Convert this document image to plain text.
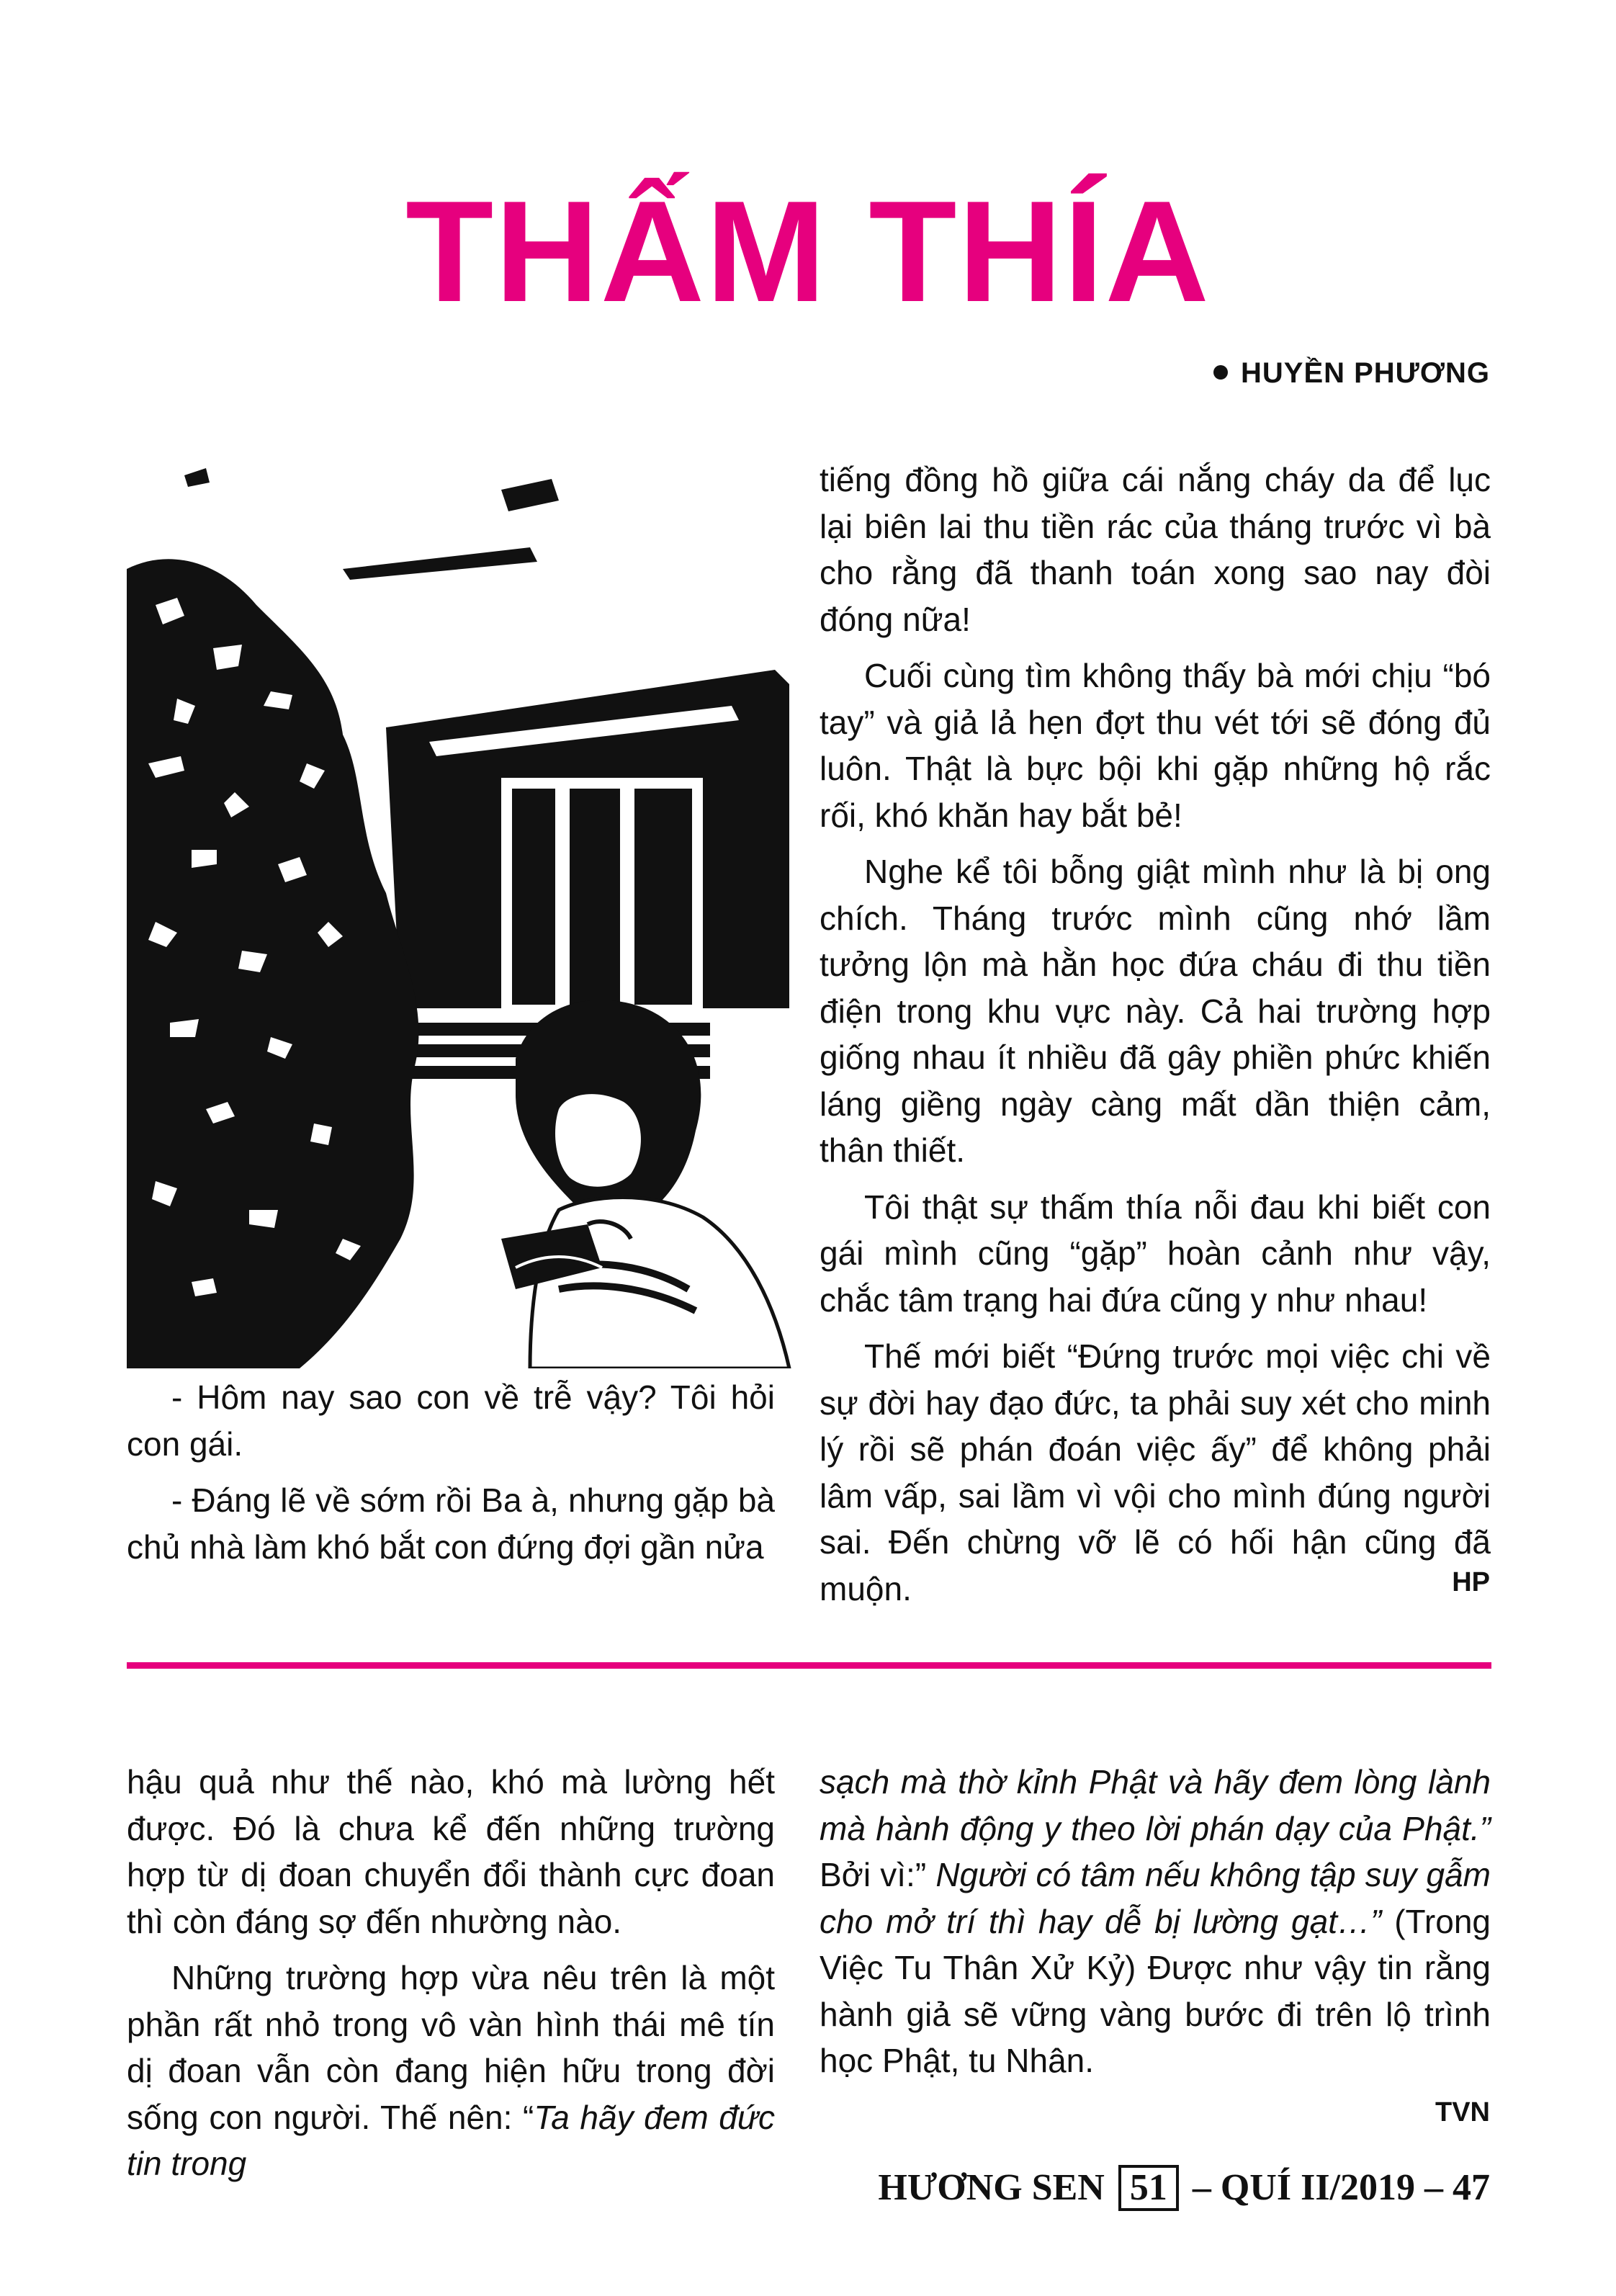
THẤM THÍA
HUYỀN PHƯƠNG

- Hôm nay sao con về trễ vậy? Tôi hỏi con gái.

- Đáng lẽ về sớm rồi Ba à, nhưng gặp bà chủ nhà làm khó bắt con đứng đợi gần nửa

tiếng đồng hồ giữa cái nắng cháy da để lục lại biên lai thu tiền rác của tháng trước vì bà cho rằng đã thanh toán xong sao nay đòi đóng nữa!

Cuối cùng tìm không thấy bà mới chịu “bó tay” và giả lả hẹn đợt thu vét tới sẽ đóng đủ luôn. Thật là bực bội khi gặp những hộ rắc rối, khó khăn hay bắt bẻ!

Nghe kể tôi bỗng giật mình như là bị ong chích. Tháng trước mình cũng nhớ lầm tưởng lộn mà hằn học đứa cháu đi thu tiền điện trong khu vực này. Cả hai trường hợp giống nhau ít nhiều đã gây phiền phức khiến láng giềng ngày càng mất dần thiện cảm, thân thiết.

Tôi thật sự thấm thía nỗi đau khi biết con gái mình cũng “gặp” hoàn cảnh như vậy, chắc tâm trạng hai đứa cũng y như nhau!

Thế mới biết “Đứng trước mọi việc chi về sự đời hay đạo đức, ta phải suy xét cho minh lý rồi sẽ phán đoán việc ấy” để không phải lâm vấp, sai lầm vì vội cho mình đúng người sai. Đến chừng vỡ lẽ có hối hận cũng đã muộn.	HP

hậu quả như thế nào, khó mà lường hết được. Đó là chưa kể đến những trường hợp từ dị đoan chuyển đổi thành cực đoan thì còn đáng sợ đến nhường nào.

Những trường hợp vừa nêu trên là một phần rất nhỏ trong vô vàn hình thái mê tín dị đoan vẫn còn đang hiện hữu trong đời sống con người. Thế nên: “Ta hãy đem đức tin trong

sạch mà thờ kỉnh Phật và hãy đem lòng lành mà hành động y theo lời phán dạy của Phật.” Bởi vì:” Người có tâm nếu không tập suy gẫm cho mở trí thì hay dễ bị lường gạt…” (Trong Việc Tu Thân Xử Kỷ) Được như vậy tin rằng hành giả sẽ vững vàng bước đi trên lộ trình học Phật, tu Nhân.

TVN
HƯƠNG SEN 51 – QUÍ II/2019 – 47
